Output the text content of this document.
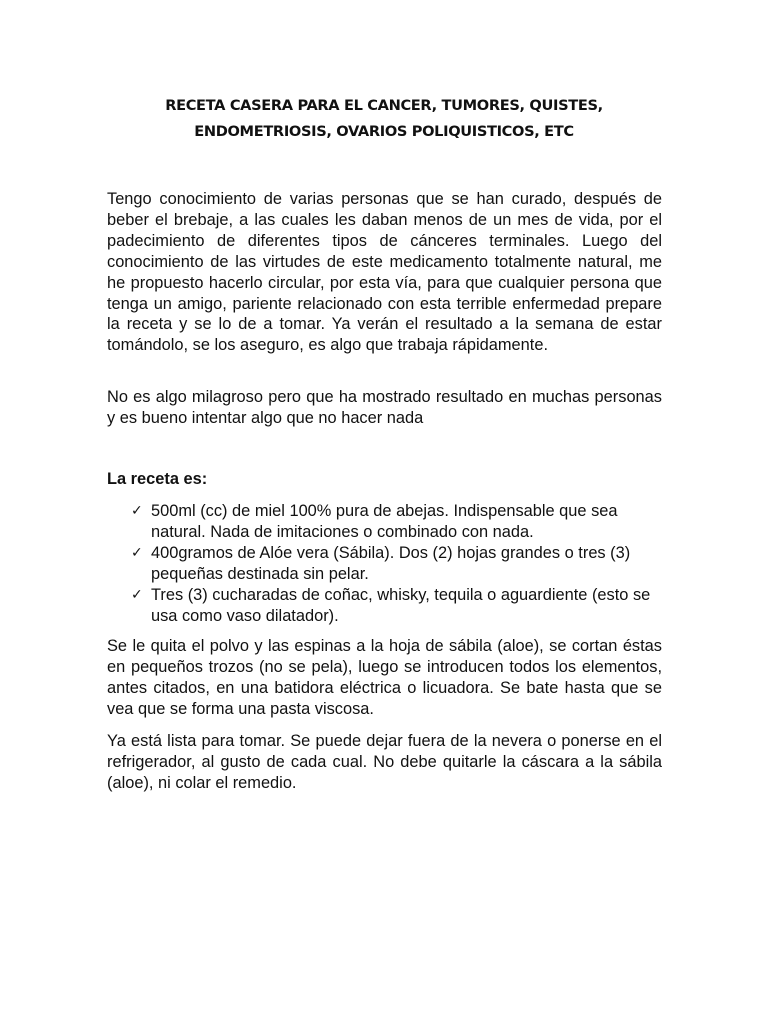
RECETA CASERA PARA EL CANCER, TUMORES, QUISTES,
ENDOMETRIOSIS, OVARIOS POLIQUISTICOS, ETC

Tengo conocimiento de varias personas que se han curado, después de beber el brebaje, a las cuales les daban menos de un mes de vida, por el padecimiento de diferentes tipos de cánceres terminales. Luego del conocimiento de las virtudes de este medicamento totalmente natural, me he propuesto hacerlo circular, por esta vía, para que cualquier persona que tenga un amigo, pariente relacionado con esta terrible enfermedad prepare la receta y se lo de a tomar. Ya verán el resultado a la semana de estar tomándolo, se los aseguro, es algo que trabaja rápidamente.

No es algo milagroso pero que ha mostrado resultado en muchas personas y es bueno intentar algo que no hacer nada

La receta es:

✓ 500ml (cc) de miel 100% pura de abejas. Indispensable que sea natural. Nada de imitaciones o combinado con nada.
✓ 400gramos de Alóe vera (Sábila). Dos (2) hojas grandes o tres (3) pequeñas destinada sin pelar.
✓ Tres (3) cucharadas de coñac, whisky, tequila o aguardiente (esto se usa como vaso dilatador).

Se le quita el polvo y las espinas a la hoja de sábila (aloe), se cortan éstas en pequeños trozos (no se pela), luego se introducen todos los elementos, antes citados, en una batidora eléctrica o licuadora. Se bate hasta que se vea que se forma una pasta viscosa.

Ya está lista para tomar. Se puede dejar fuera de la nevera o ponerse en el refrigerador, al gusto de cada cual. No debe quitarle la cáscara a la sábila (aloe), ni colar el remedio.
